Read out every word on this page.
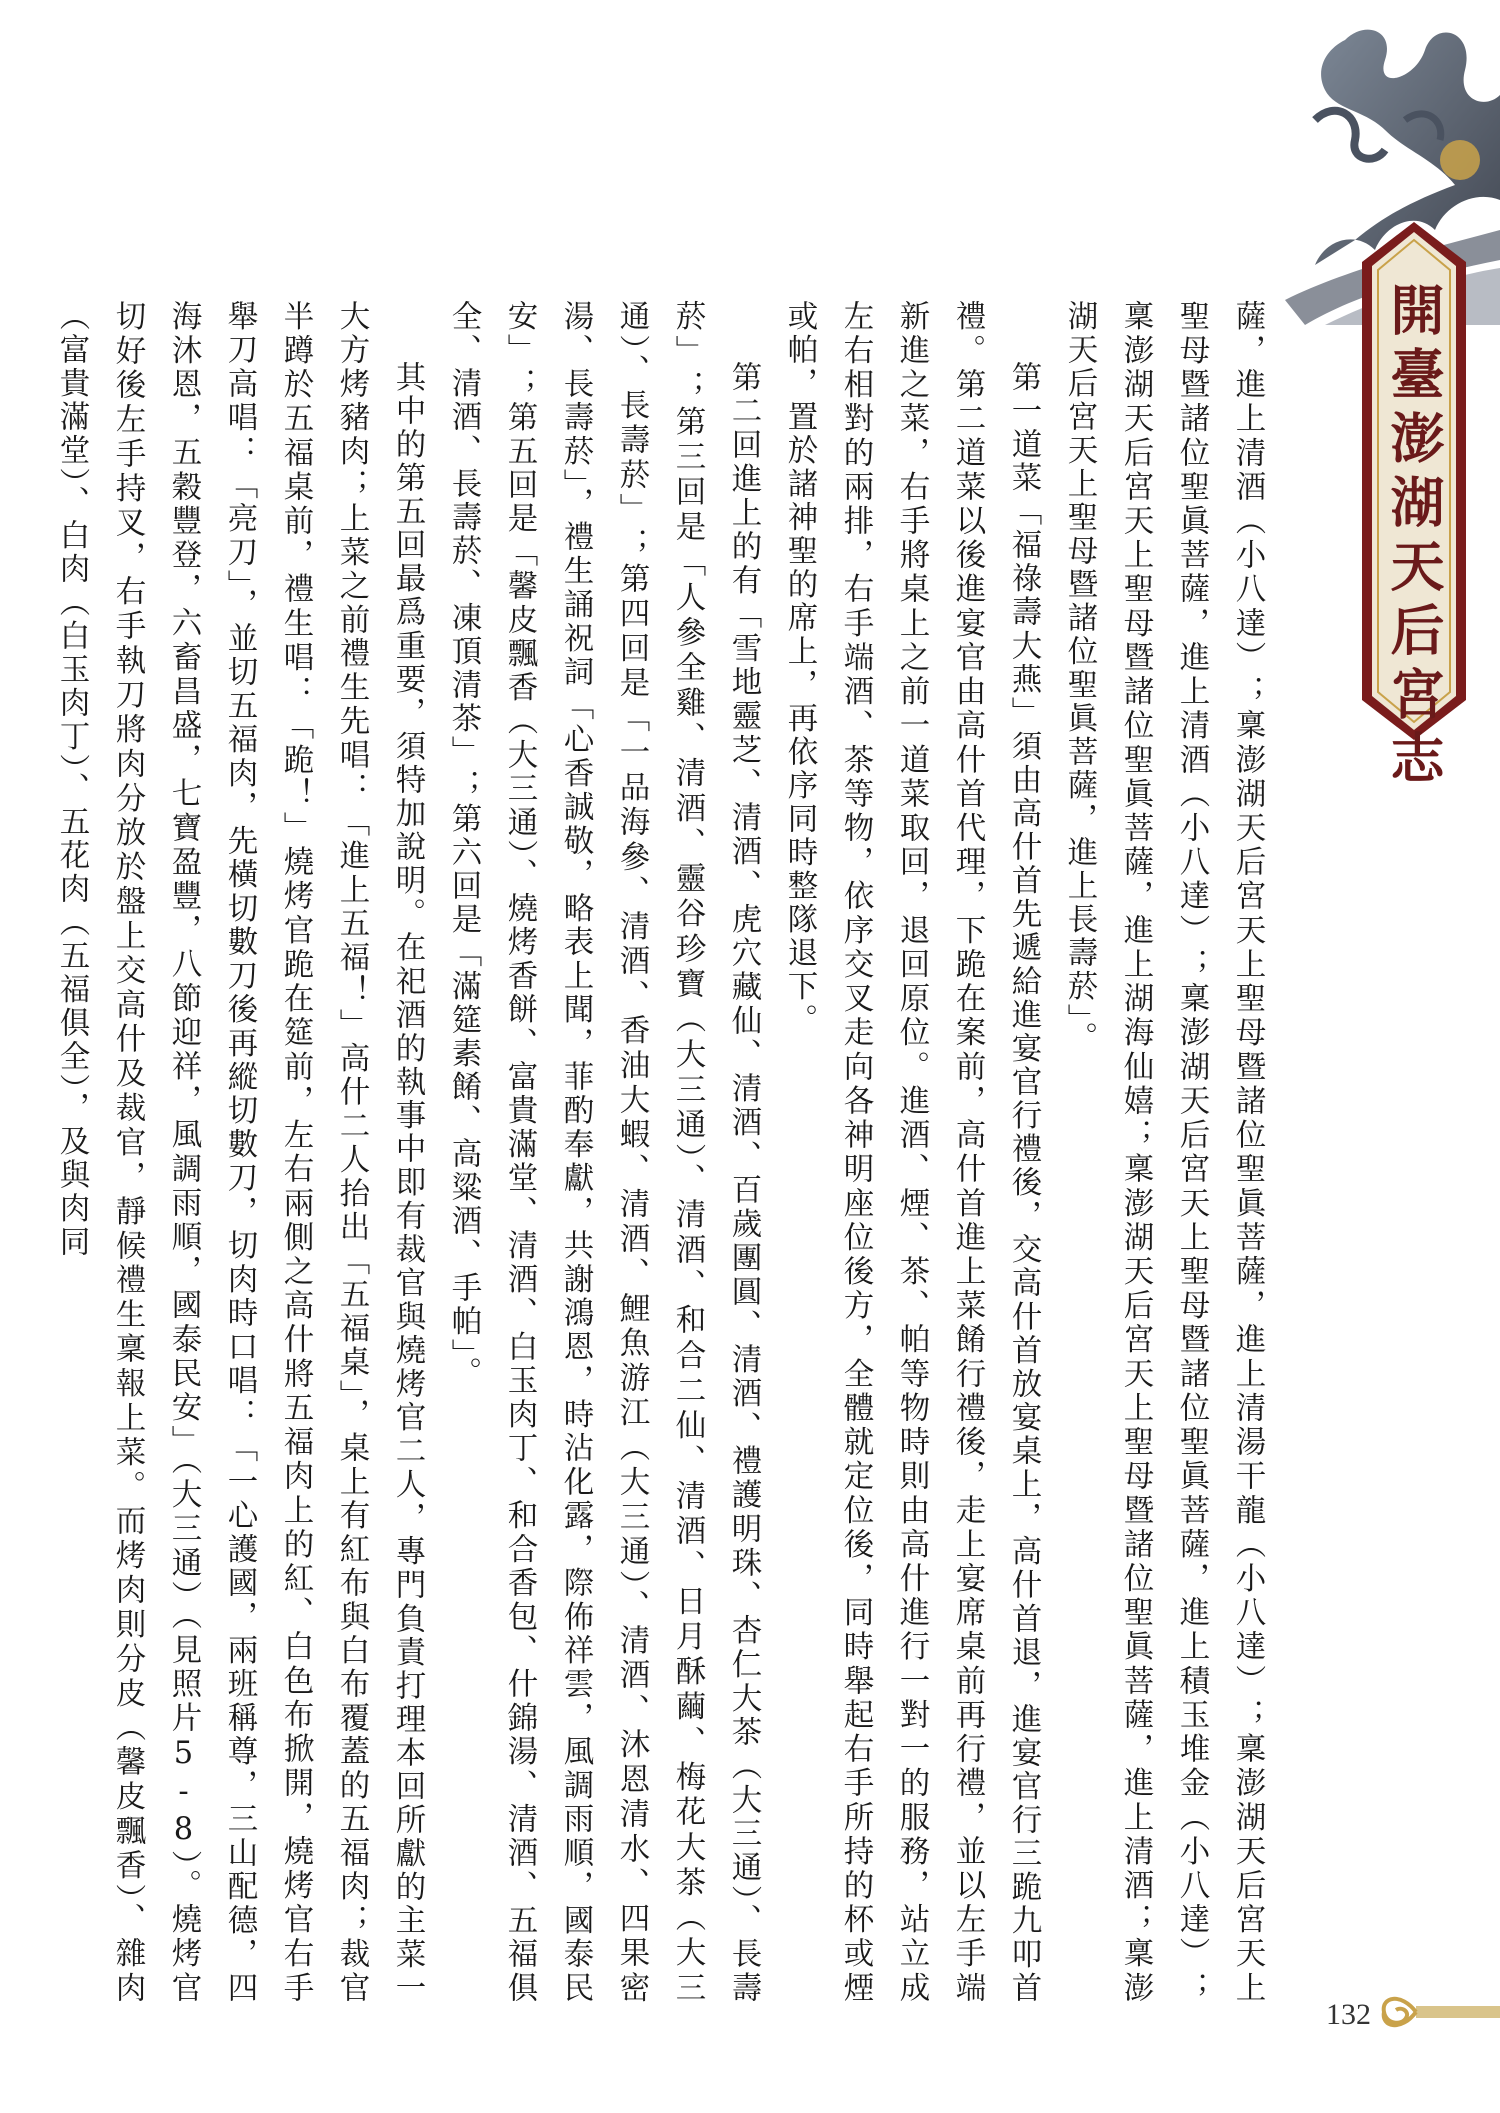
開臺澎湖天后宮志

薩，進上清酒（小八達）；稟澎湖天后宮天上聖母暨諸位聖眞菩薩，進上清湯干龍（小八達）；稟澎湖天后宮天上聖母暨諸位聖眞菩薩，進上清酒（小八達）；稟澎湖天后宮天上聖母暨諸位聖眞菩薩，進上積玉堆金（小八達）；稟澎湖天后宮天上聖母暨諸位聖眞菩薩，進上湖海仙嬉；稟澎湖天后宮天上聖母暨諸位聖眞菩薩，進上清酒；稟澎湖天后宮天上聖母暨諸位聖眞菩薩，進上長壽菸」。

第一道菜「福祿壽大燕」須由高什首先遞給進宴官行禮後，交高什首放宴桌上，高什首退，進宴官行三跪九叩首禮。第二道菜以後進宴官由高什首代理，下跪在案前，高什首進上菜餚行禮後，走上宴席桌前再行禮，並以左手端新進之菜，右手將桌上之前一道菜取回，退回原位。進酒、煙、茶、帕等物時則由高什進行一對一的服務，站立成左右相對的兩排，右手端酒、茶等物，依序交叉走向各神明座位後方，全體就定位後，同時舉起右手所持的杯或煙或帕，置於諸神聖的席上，再依序同時整隊退下。

第二回進上的有「雪地靈芝、清酒、虎穴藏仙、清酒、百歲團圓、清酒、禮護明珠、杏仁大茶（大三通）、長壽菸」；第三回是「人參全雞、清酒、靈谷珍寶（大三通）、清酒、和合二仙、清酒、日月酥繭、梅花大茶（大三通）、長壽菸」；第四回是「一品海參、清酒、香油大蝦、清酒、鯉魚游江（大三通）、清酒、沐恩清水、四果密湯、長壽菸」，禮生誦祝詞「心香誠敬，略表上聞，菲酌奉獻，共謝鴻恩，時沾化露，際佈祥雲，風調雨順，國泰民安」；第五回是「馨皮飄香（大三通）、燒烤香餅、富貴滿堂、清酒、白玉肉丁、和合香包、什錦湯、清酒、五福俱全、清酒、長壽菸、凍頂清茶」；第六回是「滿筵素餚、高粱酒、手帕」。

其中的第五回最爲重要，須特加說明。在祀酒的執事中即有裁官與燒烤官二人，專門負責打理本回所獻的主菜一大方烤豬肉；上菜之前禮生先唱：「進上五福！」高什二人抬出「五福桌」，桌上有紅布與白布覆蓋的五福肉；裁官半蹲於五福桌前，禮生唱：「跪！」燒烤官跪在筵前，左右兩側之高什將五福肉上的紅、白色布掀開，燒烤官右手舉刀高唱：「亮刀」，並切五福肉，先橫切數刀後再縱切數刀，切肉時口唱：「一心護國，兩班稱尊，三山配德，四海沐恩，五穀豐登，六畜昌盛，七寶盈豐，八節迎祥，風調雨順，國泰民安」（大三通）（見照片5-8）。燒烤官切好後左手持叉，右手執刀將肉分放於盤上交高什及裁官，靜候禮生稟報上菜。而烤肉則分皮（馨皮飄香）、雜肉（富貴滿堂）、白肉（白玉肉丁）、五花肉（五福俱全），及與肉同

132
